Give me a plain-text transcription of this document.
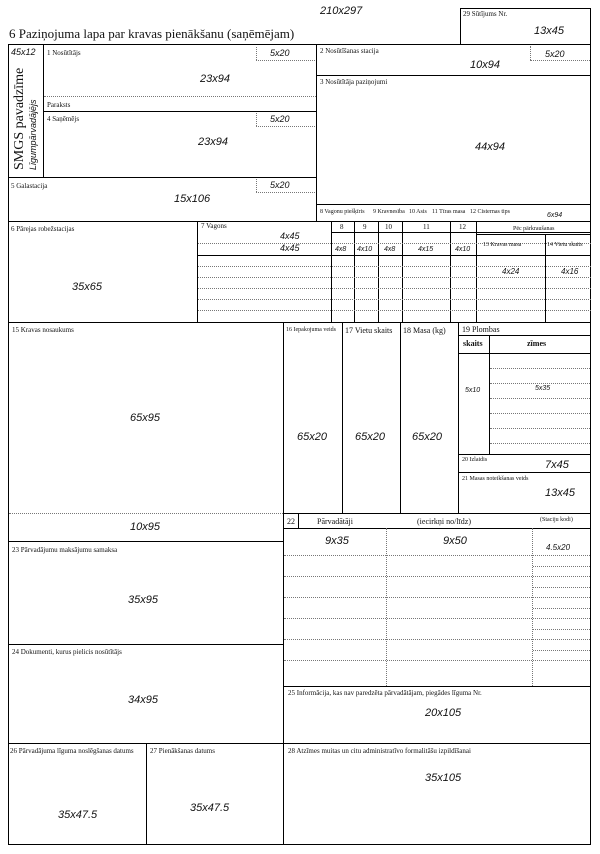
210x297
6 Paziņojuma lapa par kravas pienākšanu (saņēmējam)
29 Sūtījums Nr.
13x45
45x12
SMGS pavadzīme Līgumpārvadājējs
1 Nosūtītājs	5x20
23x94
Paraksts
4 Saņēmējs	5x20
23x94
5 Galastacija	5x20
15x106
2 Nosūtīšanas stacija	5x20
10x94
3 Nosūtītāja paziņojumi
44x94
8 Vagonu piešķīris 9 Kravnesība 10 Asis 11 Tīras masa 12 Cisternas tips	6x94
6 Pārejas robežstacijas
35x65
7 Vagons
4x45
4x45
8	9	10	11	12	Pēc pārkraušanas
4x8 4x10 4x8	4x15	4x10
13 Kravas masa	14 Vietu skaits
4x24	4x16
15 Kravas nosaukums
65x95
10x95
16 Iepakojuma veids
65x20
17 Vietu skaits
65x20
18 Masa (kg)
65x20
19 Plombas
skaits	zīmes
5x10	5x35
20 Izlaidis	7x45
21 Masas noteikšanas veids
13x45
22	Pārvadātāji	(iecirkņi no/līdz)	(Staciju kodi)
9x35	9x50
4.5x20
23 Pārvadājumu maksājumu samaksa
35x95
24 Dokumenti, kurus pielicis nosūtītājs
34x95
25 Informācija, kas nav paredzēta pārvadātājam, piegādes līguma Nr.
20x105
26 Pārvadājuma līguma noslēgšanas datums
35x47.5
27 Pienākšanas datums
35x47.5
28 Atzīmes muitas un citu administratīvo formalitāšu izpildīšanai
35x105
